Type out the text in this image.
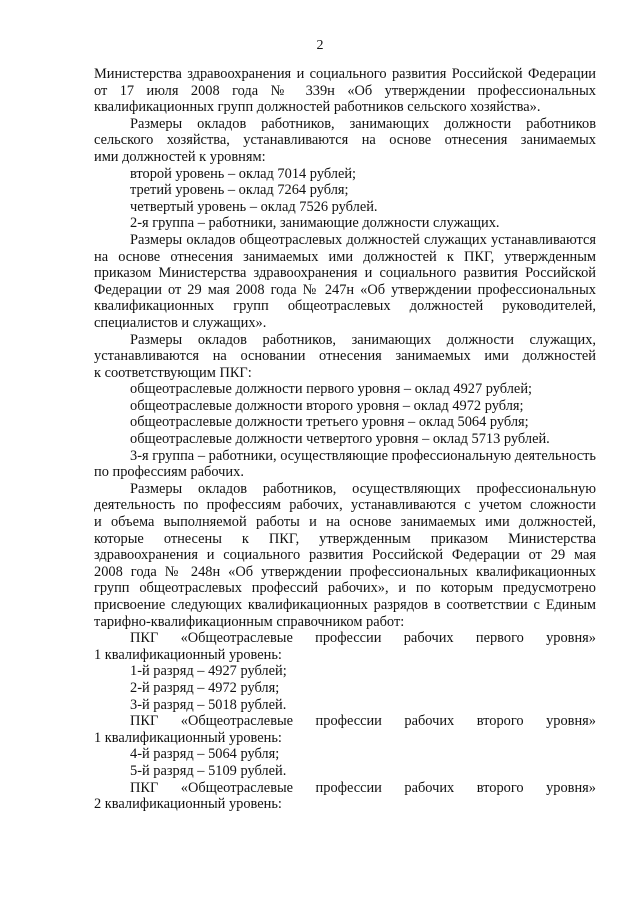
2
Министерства здравоохранения и социального развития Российской Федерации
от 17 июля 2008 года № 339н «Об утверждении профессиональных
квалификационных групп должностей работников сельского хозяйства».
Размеры окладов работников, занимающих должности работников
сельского хозяйства, устанавливаются на основе отнесения занимаемых
ими должностей к уровням:
второй уровень – оклад 7014 рублей;
третий уровень – оклад 7264 рубля;
четвертый уровень – оклад 7526 рублей.
2-я группа – работники, занимающие должности служащих.
Размеры окладов общеотраслевых должностей служащих устанавливаются
на основе отнесения занимаемых ими должностей к ПКГ, утвержденным
приказом Министерства здравоохранения и социального развития Российской
Федерации от 29 мая 2008 года № 247н «Об утверждении профессиональных
квалификационных групп общеотраслевых должностей руководителей,
специалистов и служащих».
Размеры окладов работников, занимающих должности служащих,
устанавливаются на основании отнесения занимаемых ими должностей
к соответствующим ПКГ:
общеотраслевые должности первого уровня – оклад 4927 рублей;
общеотраслевые должности второго уровня – оклад 4972 рубля;
общеотраслевые должности третьего уровня – оклад 5064 рубля;
общеотраслевые должности четвертого уровня – оклад 5713 рублей.
3-я группа – работники, осуществляющие профессиональную деятельность
по профессиям рабочих.
Размеры окладов работников, осуществляющих профессиональную
деятельность по профессиям рабочих, устанавливаются с учетом сложности
и объема выполняемой работы и на основе занимаемых ими должностей,
которые отнесены к ПКГ, утвержденным приказом Министерства
здравоохранения и социального развития Российской Федерации от 29 мая
2008 года № 248н «Об утверждении профессиональных квалификационных
групп общеотраслевых профессий рабочих», и по которым предусмотрено
присвоение следующих квалификационных разрядов в соответствии с Единым
тарифно-квалификационным справочником работ:
ПКГ «Общеотраслевые профессии рабочих первого уровня»
1 квалификационный уровень:
1-й разряд – 4927 рублей;
2-й разряд – 4972 рубля;
3-й разряд – 5018 рублей.
ПКГ «Общеотраслевые профессии рабочих второго уровня»
1 квалификационный уровень:
4-й разряд – 5064 рубля;
5-й разряд – 5109 рублей.
ПКГ «Общеотраслевые профессии рабочих второго уровня»
2 квалификационный уровень:
